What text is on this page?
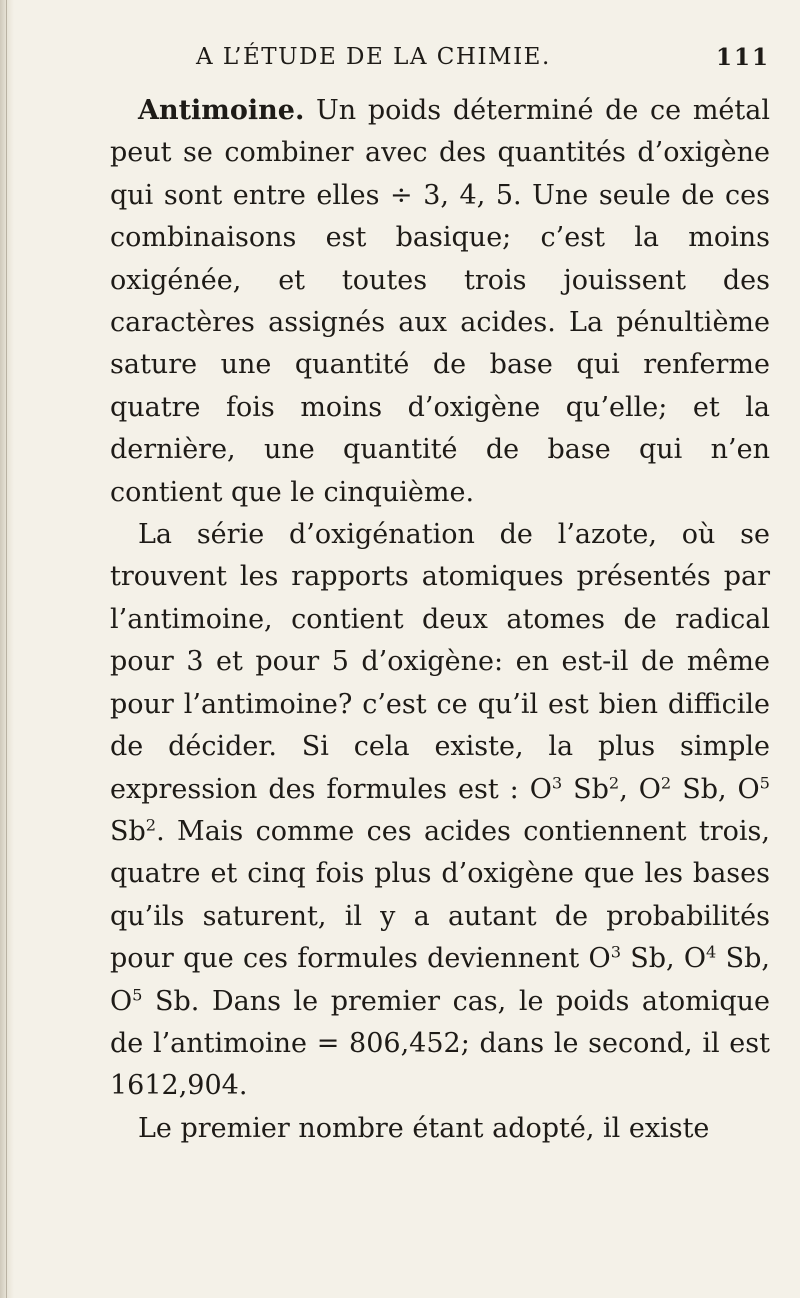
A L’ÉTUDE DE LA CHIMIE.	111

Antimoine. Un poids déterminé de ce métal peut se combiner avec des quantités d’oxigène qui sont entre elles ÷ 3, 4, 5. Une seule de ces combinaisons est basique; c’est la moins oxigénée, et toutes trois jouissent des caractères assignés aux acides. La pénultième sature une quantité de base qui renferme quatre fois moins d’oxigène qu’elle; et la dernière, une quantité de base qui n’en contient que le cinquième.

La série d’oxigénation de l’azote, où se trouvent les rapports atomiques présentés par l’antimoine, contient deux atomes de radical pour 3 et pour 5 d’oxigène: en est-il de même pour l’antimoine? c’est ce qu’il est bien difficile de décider. Si cela existe, la plus simple expression des formules est : $O^3$ Sb$^2$, $O^2$ Sb, $O^5$ Sb$^2$. Mais comme ces acides contiennent trois, quatre et cinq fois plus d’oxigène que les bases qu’ils saturent, il y a autant de probabilités pour que ces formules deviennent $O^3$ Sb, $O^4$ Sb, $O^5$ Sb. Dans le premier cas, le poids atomique de l’antimoine = 806,452; dans le second, il est 1612,904.

Le premier nombre étant adopté, il existe
